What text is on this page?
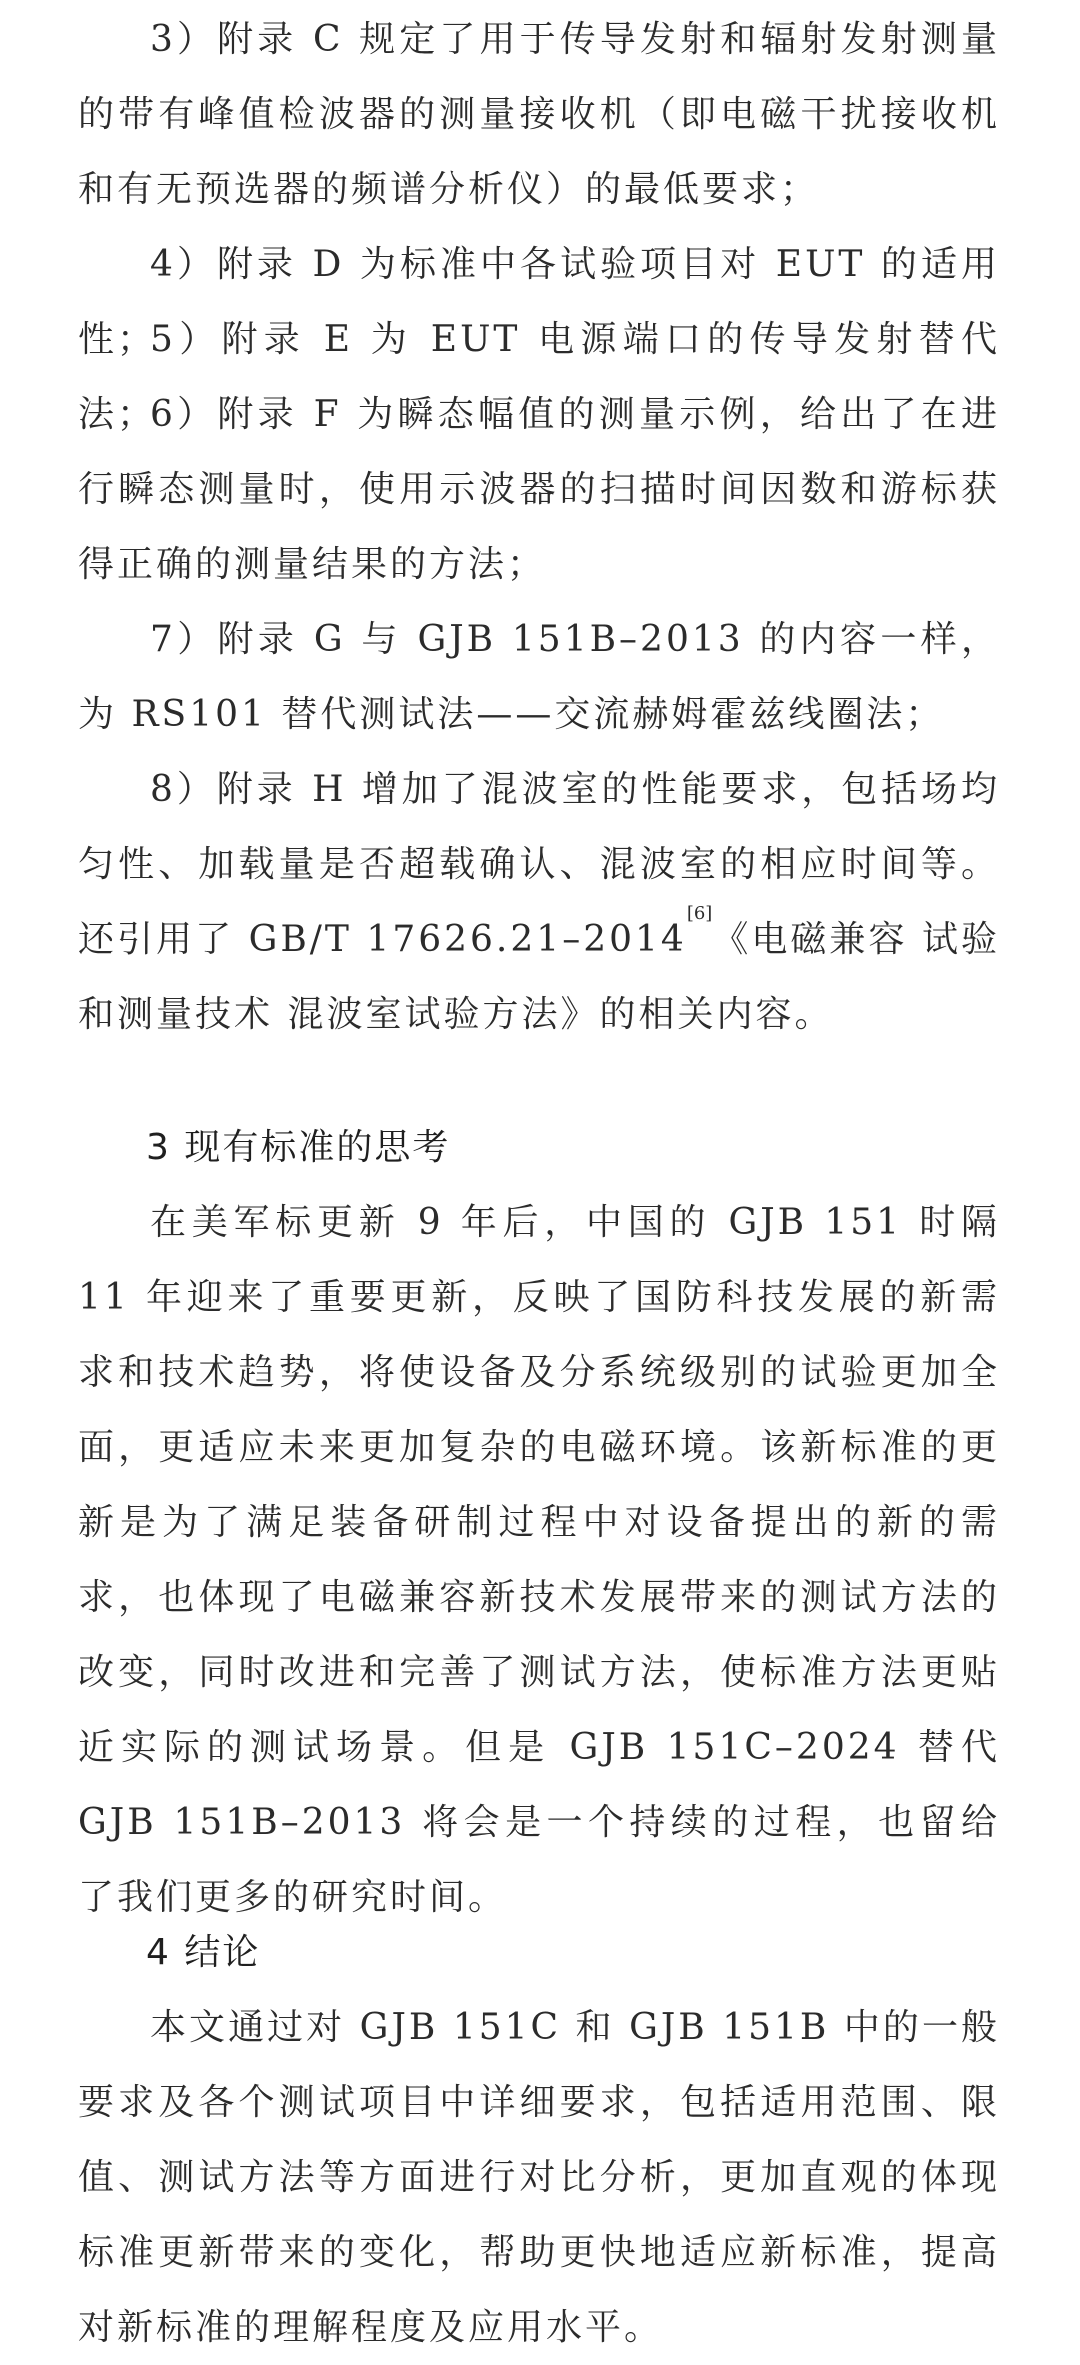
3）附录 C 规定了用于传导发射和辐射发射测量的带有峰值检波器的测量接收机（即电磁干扰接收机和有无预选器的频谱分析仪）的最低要求；

4）附录 D 为标准中各试验项目对 EUT 的适用性；

5）附录 E 为 EUT 电源端口的传导发射替代法；

6）附录 F 为瞬态幅值的测量示例，给出了在进行瞬态测量时，使用示波器的扫描时间因数和游标获得正确的测量结果的方法；

7）附录 G 与 GJB 151B–2013 的内容一样，为 RS101 替代测试法——交流赫姆霍兹线圈法；

8）附录 H 增加了混波室的性能要求，包括场均匀性、加载量是否超载确认、混波室的相应时间等。还引用了 GB/T 17626.21–2014[6]《电磁兼容 试验和测量技术 混波室试验方法》的相关内容。

3 现有标准的思考

在美军标更新 9 年后，中国的 GJB 151 时隔 11 年迎来了重要更新，反映了国防科技发展的新需求和技术趋势，将使设备及分系统级别的试验更加全面，更适应未来更加复杂的电磁环境。该新标准的更新是为了满足装备研制过程中对设备提出的新的需求，也体现了电磁兼容新技术发展带来的测试方法的改变，同时改进和完善了测试方法，使标准方法更贴近实际的测试场景。但是 GJB 151C–2024 替代 GJB 151B–2013 将会是一个持续的过程，也留给了我们更多的研究时间。

4 结论

本文通过对 GJB 151C 和 GJB 151B 中的一般要求及各个测试项目中详细要求，包括适用范围、限值、测试方法等方面进行对比分析，更加直观的体现标准更新带来的变化，帮助更快地适应新标准，提高对新标准的理解程度及应用水平。
